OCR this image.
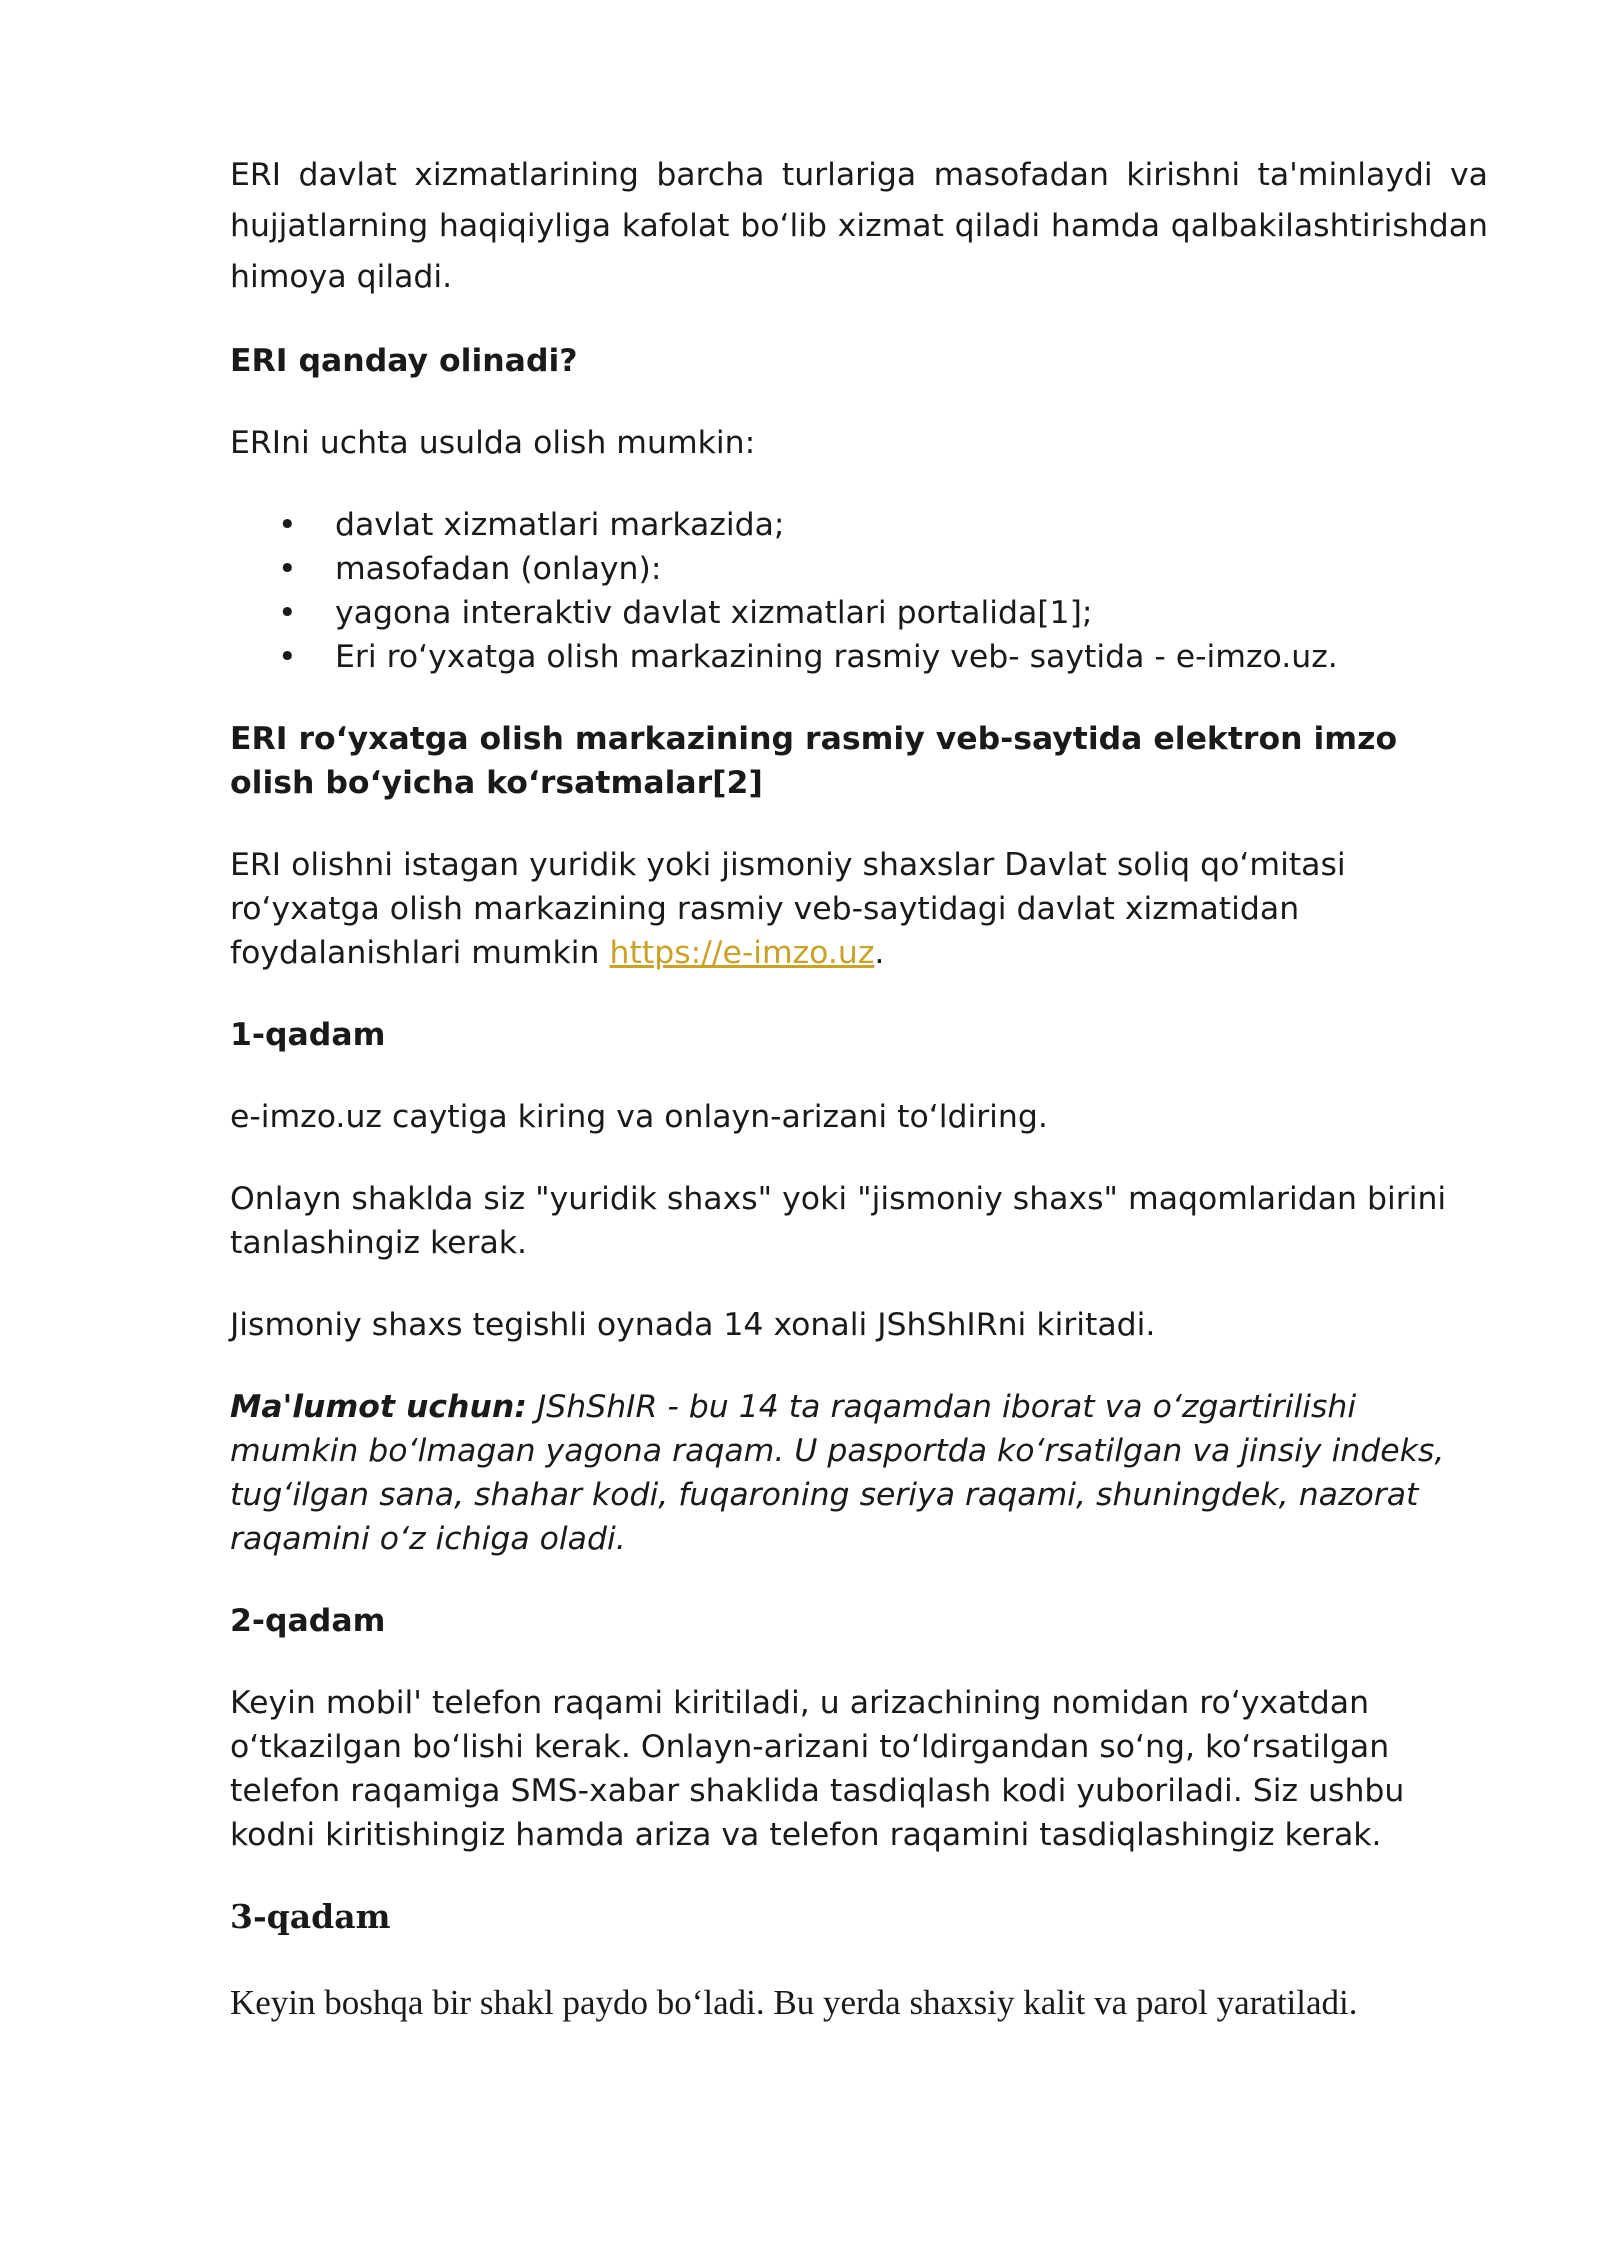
ERI davlat xizmatlarining barcha turlariga masofadan kirishni ta'minlaydi va hujjatlarning haqiqiyliga kafolat boʻlib xizmat qiladi hamda qalbakilashtirishdan himoya qiladi.

ERI qanday olinadi?

ERIni uchta usulda olish mumkin:

• davlat xizmatlari markazida;
• masofadan (onlayn):
• yagona interaktiv davlat xizmatlari portalida[1];
• Eri roʻyxatga olish markazining rasmiy veb- saytida - e-imzo.uz.
ERI roʻyxatga olish markazining rasmiy veb-saytida elektron imzo olish boʻyicha koʻrsatmalar[2]

ERI olishni istagan yuridik yoki jismoniy shaxslar Davlat soliq qoʻmitasi roʻyxatga olish markazining rasmiy veb-saytidagi davlat xizmatidan foydalanishlari mumkin https://e-imzo.uz.

1-qadam

e-imzo.uz caytiga kiring va onlayn-arizani toʻldiring.

Onlayn shaklda siz "yuridik shaxs" yoki "jismoniy shaxs" maqomlaridan birini tanlashingiz kerak.

Jismoniy shaxs tegishli oynada 14 xonali JShShIRni kiritadi.

Ma'lumot uchun: JShShIR - bu 14 ta raqamdan iborat va oʻzgartirilishi mumkin boʻlmagan yagona raqam. U pasportda koʻrsatilgan va jinsiy indeks, tugʻilgan sana, shahar kodi, fuqaroning seriya raqami, shuningdek, nazorat raqamini oʻz ichiga oladi.

2-qadam

Keyin mobil' telefon raqami kiritiladi, u arizachining nomidan roʻyxatdan oʻtkazilgan boʻlishi kerak. Onlayn-arizani toʻldirgandan soʻng, koʻrsatilgan telefon raqamiga SMS-xabar shaklida tasdiqlash kodi yuboriladi. Siz ushbu kodni kiritishingiz hamda ariza va telefon raqamini tasdiqlashingiz kerak.

3-qadam

Keyin boshqa bir shakl paydo boʻladi. Bu yerda shaxsiy kalit va parol yaratiladi.
